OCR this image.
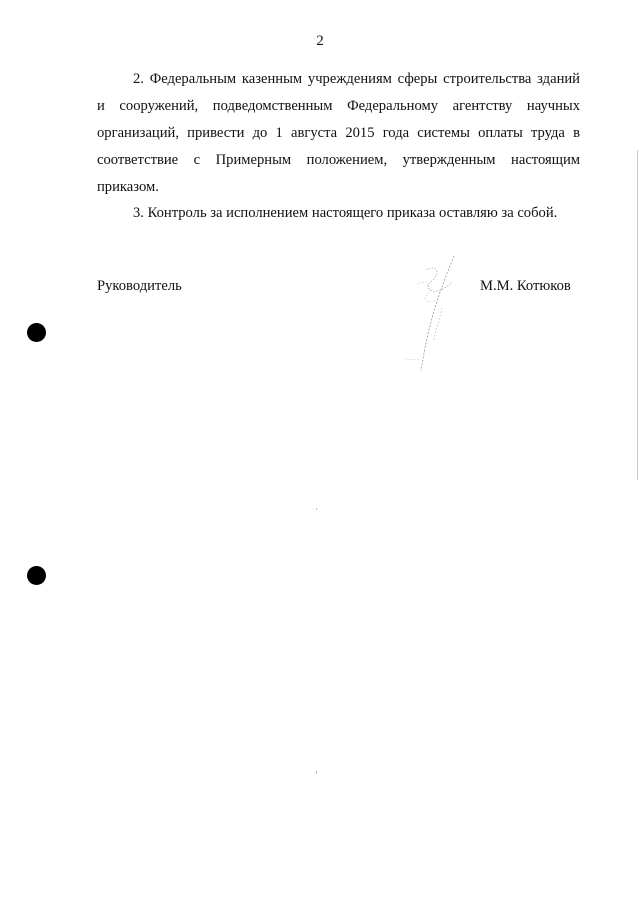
2
2. Федеральным казенным учреждениям сферы строительства зданий
и сооружений, подведомственным Федеральному агентству научных
организаций, привести до 1 августа 2015 года системы оплаты труда в
соответствие с Примерным положением, утвержденным настоящим
приказом.
3. Контроль за исполнением настоящего приказа оставляю за собой.
Руководитель	М.М. Котюков
